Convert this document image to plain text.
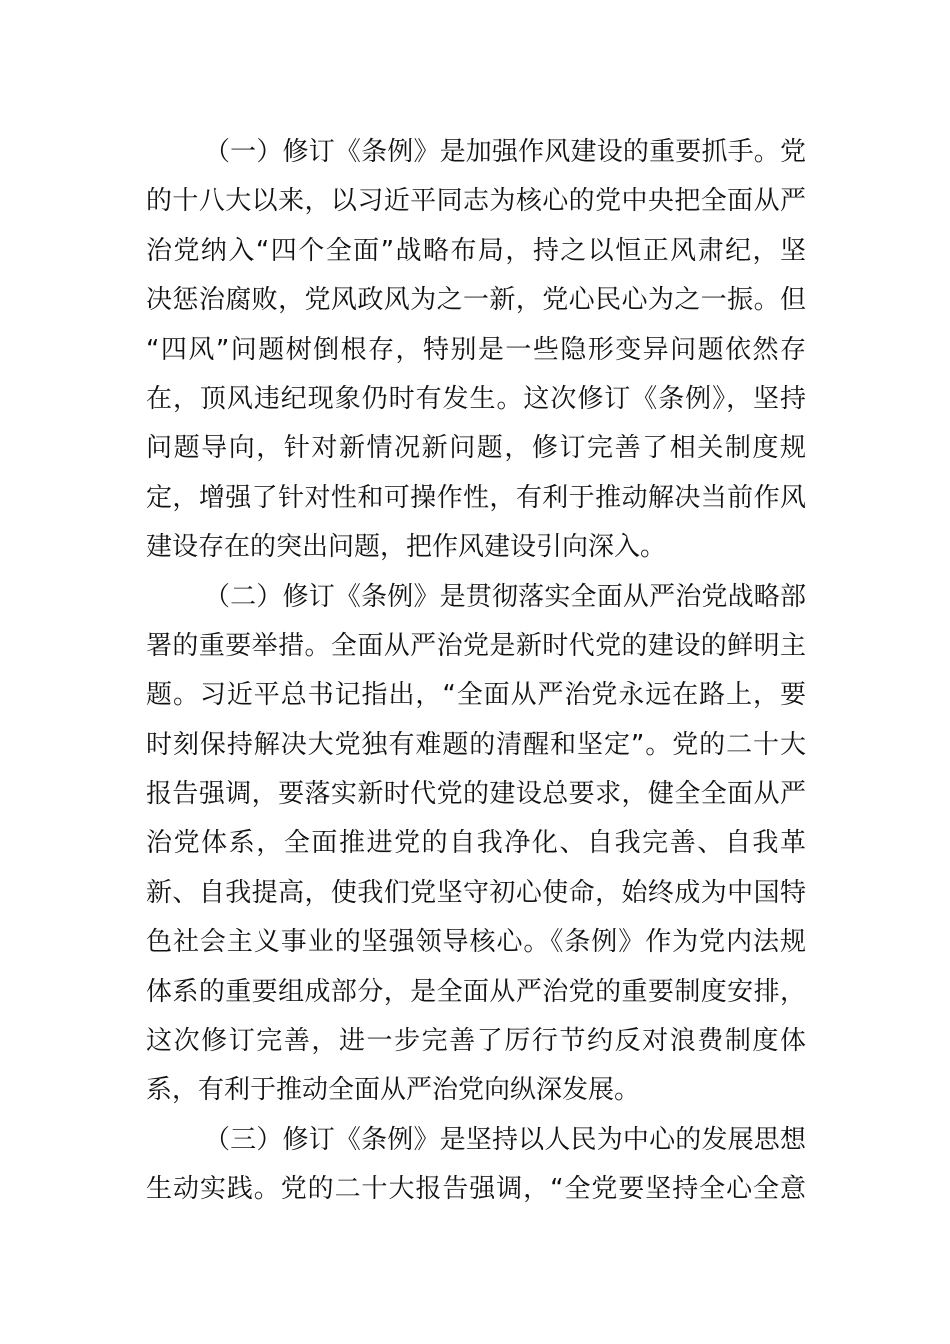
（一）修订《条例》是加强作风建设的重要抓手。党
的十八大以来，以习近平同志为核心的党中央把全面从严
治党纳入“四个全面”战略布局，持之以恒正风肃纪，坚
决惩治腐败，党风政风为之一新，党心民心为之一振。但
“四风”问题树倒根存，特别是一些隐形变异问题依然存
在，顶风违纪现象仍时有发生。这次修订《条例》，坚持
问题导向，针对新情况新问题，修订完善了相关制度规
定，增强了针对性和可操作性，有利于推动解决当前作风
建设存在的突出问题，把作风建设引向深入。
（二）修订《条例》是贯彻落实全面从严治党战略部
署的重要举措。全面从严治党是新时代党的建设的鲜明主
题。习近平总书记指出，“全面从严治党永远在路上，要
时刻保持解决大党独有难题的清醒和坚定”。党的二十大
报告强调，要落实新时代党的建设总要求，健全全面从严
治党体系，全面推进党的自我净化、自我完善、自我革
新、自我提高，使我们党坚守初心使命，始终成为中国特
色社会主义事业的坚强领导核心。《条例》作为党内法规
体系的重要组成部分，是全面从严治党的重要制度安排，
这次修订完善，进一步完善了厉行节约反对浪费制度体
系，有利于推动全面从严治党向纵深发展。
（三）修订《条例》是坚持以人民为中心的发展思想
生动实践。党的二十大报告强调，“全党要坚持全心全意
